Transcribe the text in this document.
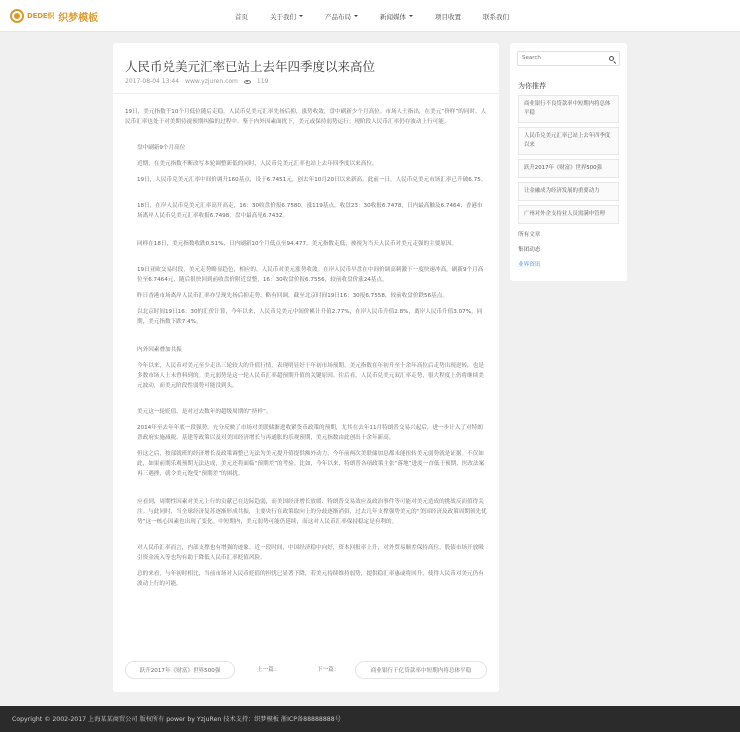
DEDE织 织梦模板	首页	关于我们	产品布局	新闻媒体	项目收置	联系我们
人民币兑美元汇率已站上去年四季度以来高位
2017-08-04 13:44 www.yzjuren.com	119
19日，美元指数于10个月低位随后走稳，人民币兑美元汇率先扬后抑，涨势收敛，盘中刷新少个月高位。市场人士指出，在美元“挤样”的同时，人民币汇率也处于对美期待视预期纠偏的过程中。鉴于内外因素面扰下，美元或保持弱势运行；现阶段人民币汇率仍存波动上行可能。
盘中刷新9个月高位
近期，在美元指数不断改写本轮调整新低的同时，人民币兑美元汇率也站上去年四季度以来高位。
19日，人民币兑美元汇率中间价调升160基点，设于6.7451元，创去年10月20日以来新高。此前一日，人民币兑美元市场汇率已升破6.75。
18日，在岸人民币兑美元汇率高开高走，16：30收盘价报6.7580，涨119基点，收盘23：30收报6.7478，日内最高触及6.7464；香港市场离岸人民币兑美元汇率收报6.7498，盘中最高见6.7432。
同样在18日，美元指数收跌0.51%，日内刷新10个月低点至94.477。美元指数走低，被视为当天人民币对美元走强的主要原因。
19日亚欧交易时段，美元走势略显趋色，相应的，人民币对美元涨势收敛。在岸人民币早盘在中间价调高刺激下一度快速冲高，刷新9个月高位至6.7464元，随后很快回到前收盘价附近盘整，16：30收盘价报6.7556，较前收盘价涨24基点。
昨日香港市场离岸人民币汇率亦呈现先扬后抑走势，略有回调，截至北京时间19日16：30报6.7558，较前收盘价跌56基点。
以北京时间19日16：30的汇价计算，今年以来，人民币兑美元中间价累计升值2.77%，在岸人民币升值2.8%，离岸人民币升值3.07%。同期，美元指数下跌7.4%。
内外因素叠加共振
今年以来，人民币对美元至少走出三轮较大的升值行情，表现明显好于年初市场预期。美元指数在年初升至十余年高位后走势出现逆转，也是多数市场人士未曾料到的。美元弱势是这一轮人民币汇率超预期升值的关键原因。往后看，人民币兑美元双汇率走势，很大程度上仍将继续美元波动，而美元阶段性弱势可能没到头。
美元这一轮贬值，是对过去数年的超级周期的“挤样”。
2014年至去年年底一段强势，充分反映了市场对美联储渐进收紧货币政策的预期，尤其在去年11月特朗普交易兴起后，进一步计入了对特朗普政府实施减税、基建等政策以及对美国经济增长与再通胀的乐观预期，美元指数由此创出十余年新高。
但这之后，按部就班的经济增长及政策调整已无法为美元提升值提供额外动力，今年前两次美联储加息都未能扭转美元弱势就是证据。不仅如此，如果前期乐观预期无法达成，美元还将面临“预期差”的考验。比如，今年以来，特朗普各项政策主张“落地”进度一直低于预期，医改法案再三遇挫，就令美元饱受“预期差”的困扰。
应看到，周期性因素对美元上行的贡献已在边际趋弱，而美国经济增长放缓、特朗普交易效应及政治事件等可能对美元造成的挑战反而值得关注。与此同时，当全球经济复苏逐渐形成共振，主要央行在政策取向上的分歧逐渐消弭，过去几年支撑强势美元的“美国经济及政策周期领先优势”这一核心因素也出现了变化。中短期内，美元弱势可能仍延续，而这对人民币汇率保持稳定是有利的。
对人民币汇率而言，内部支撑也有增强的迹象。近一段时间，中国经济稳中向好，资本回报率上升，对外贸易顺差保持高位，股债市场开放吸引资金流入等也均有助于降低人民币汇率贬值风险。
总的来看，与年初时相比，当前市场对人民币贬值的担忧已显著下降，若美元持续维持弱势，提供稳汇率惠或将回升，使得人民币对美元仍有波动上行的可能。
跃升2017年《财富》世界500强	上一篇：	下一篇：	商业银行千亿贷款率中短期内将总体平稳
Search
为你推荐
商业银行不良贷款率中短期内将总体平稳
人民币兑美元汇率已站上去年四季度以来
跃升2017年《财富》世界500强
让金融成为经济发展的重要动力
广州对外企支持业人员需满申管理
所有文章
集团动态
业界资讯
Copyright © 2002-2017 上海某某商贸公司 版权所有 power by YzjuRen 技术支持：织梦模板 浙ICP备88888888号
